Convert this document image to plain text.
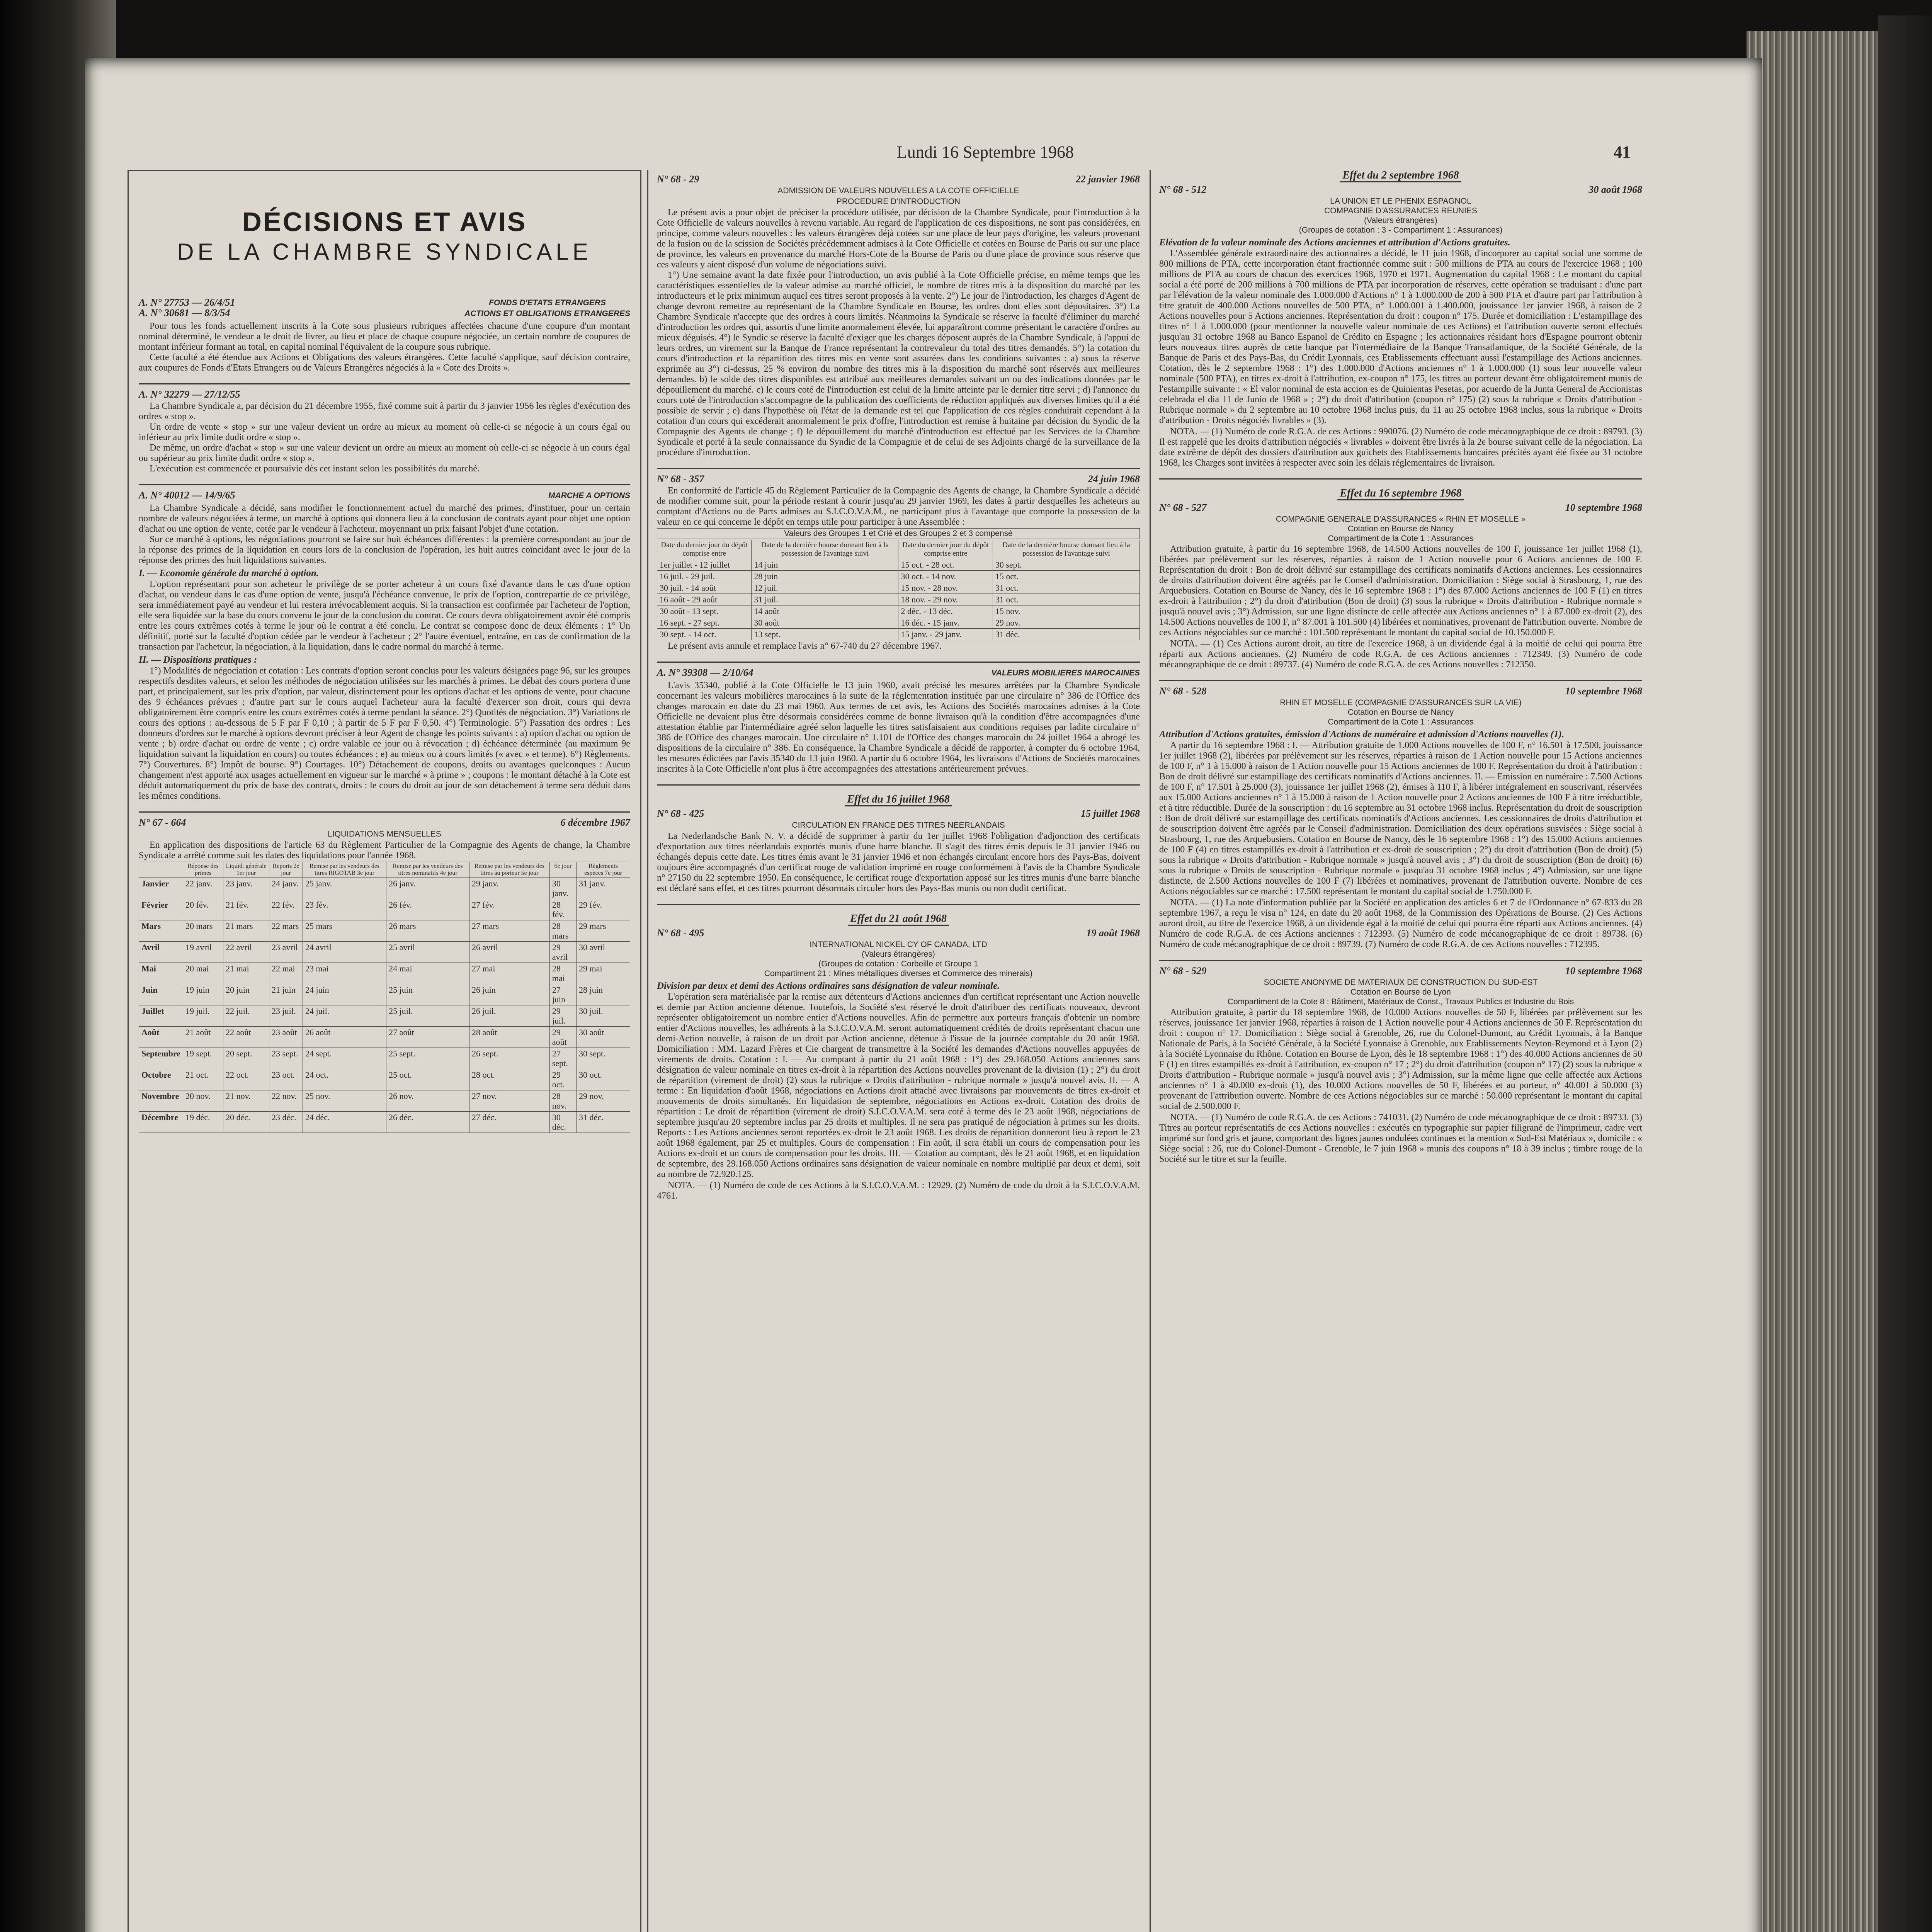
Lundi 16 Septembre 1968	41
DÉCISIONS ET AVIS
DE LA CHAMBRE SYNDICALE
A. N° 27753 — 26/4/51
A. N° 30681 — 8/3/54
FONDS D'ETATS ETRANGERS
ACTIONS ET OBLIGATIONS ETRANGERES

Pour tous les fonds actuellement inscrits à la Cote sous plusieurs rubriques affectées chacune d'une coupure d'un montant nominal déterminé, le vendeur a le droit de livrer, au lieu et place de chaque coupure négociée, un certain nombre de coupures de montant inférieur formant au total, en capital nominal l'équivalent de la coupure sous rubrique.

Cette faculté a été étendue aux Actions et Obligations des valeurs étrangères. Cette faculté s'applique, sauf décision contraire, aux coupures de Fonds d'Etats Etrangers ou de Valeurs Etrangères négociés à la « Cote des Droits ».

A. N° 32279 — 27/12/55

La Chambre Syndicale a, par décision du 21 décembre 1955, fixé comme suit à partir du 3 janvier 1956 les règles d'exécution des ordres « stop ».

Un ordre de vente « stop » sur une valeur devient un ordre au mieux au moment où celle-ci se négocie à un cours égal ou inférieur au prix limite dudit ordre « stop ».

De même, un ordre d'achat « stop » sur une valeur devient un ordre au mieux au moment où celle-ci se négocie à un cours égal ou supérieur au prix limite dudit ordre « stop ».

L'exécution est commencée et poursuivie dès cet instant selon les possibilités du marché.

A. N° 40012 — 14/9/65	MARCHE A OPTIONS

La Chambre Syndicale a décidé, sans modifier le fonctionnement actuel du marché des primes, d'instituer, pour un certain nombre de valeurs négociées à terme, un marché à options qui donnera lieu à la conclusion de contrats ayant pour objet une option d'achat ou une option de vente, cotée par le vendeur à l'acheteur, moyennant un prix faisant l'objet d'une cotation.

Sur ce marché à options, les négociations pourront se faire sur huit échéances différentes : la première correspondant au jour de la réponse des primes de la liquidation en cours lors de la conclusion de l'opération, les huit autres coïncidant avec le jour de la réponse des primes des huit liquidations suivantes.

I. — Economie générale du marché à option.

L'option représentant pour son acheteur le privilège de se porter acheteur à un cours fixé d'avance dans le cas d'une option d'achat, ou vendeur dans le cas d'une option de vente, jusqu'à l'échéance convenue, le prix de l'option, contrepartie de ce privilège, sera immédiatement payé au vendeur et lui restera irrévocablement acquis. Si la transaction est confirmée par l'acheteur de l'option, elle sera liquidée sur la base du cours convenu le jour de la conclusion du contrat. Ce cours devra obligatoirement avoir été compris entre les cours extrêmes cotés à terme le jour où le contrat a été conclu. Le contrat se compose donc de deux éléments : 1° Un définitif, porté sur la faculté d'option cédée par le vendeur à l'acheteur ; 2° l'autre éventuel, entraîne, en cas de confirmation de la transaction par l'acheteur, la négociation, à la liquidation, dans le cadre normal du marché à terme.

II. — Dispositions pratiques :

1°) Modalités de négociation et cotation : Les contrats d'option seront conclus pour les valeurs désignées page 96, sur les groupes respectifs desdites valeurs, et selon les méthodes de négociation utilisées sur les marchés à primes. Le débat des cours portera d'une part, et principalement, sur les prix d'option, par valeur, distinctement pour les options d'achat et les options de vente, pour chacune des 9 échéances prévues ; d'autre part sur le cours auquel l'acheteur aura la faculté d'exercer son droit, cours qui devra obligatoirement être compris entre les cours extrêmes cotés à terme pendant la séance. 2°) Quotités de négociation. 3°) Variations de cours des options : au-dessous de 5 F par F 0,10 ; à partir de 5 F par F 0,50. 4°) Terminologie. 5°) Passation des ordres : Les donneurs d'ordres sur le marché à options devront préciser à leur Agent de change les points suivants : a) option d'achat ou option de vente ; b) ordre d'achat ou ordre de vente ; c) ordre valable ce jour ou à révocation ; d) échéance déterminée (au maximum 9e liquidation suivant la liquidation en cours) ou toutes échéances ; e) au mieux ou à cours limités (« avec » et terme). 6°) Règlements. 7°) Couvertures. 8°) Impôt de bourse. 9°) Courtages. 10°) Détachement de coupons, droits ou avantages quelconques : Aucun changement n'est apporté aux usages actuellement en vigueur sur le marché « à prime » ; coupons : le montant détaché à la Cote est déduit automatiquement du prix de base des contrats, droits : le cours du droit au jour de son détachement à terme sera déduit dans les mêmes conditions.

N° 67 - 664	6 décembre 1967
LIQUIDATIONS MENSUELLES

En application des dispositions de l'article 63 du Règlement Particulier de la Compagnie des Agents de change, la Chambre Syndicale a arrêté comme suit les dates des liquidations pour l'année 1968.

	Réponse des primes	Liquid. générale 1er jour	Reports 2e jour	Remise par les vendeurs des titres RIGOTAB 3e jour	Remise par les vendeurs des titres nominatifs 4e jour	Remise par les vendeurs des titres au porteur 5e jour	6e jour	Règlements espèces 7e jour
Janvier	22 janv.	23 janv.	24 janv.	25 janv.	26 janv.	29 janv.	30 janv.	31 janv.
Février	20 fév.	21 fév.	22 fév.	23 fév.	26 fév.	27 fév.	28 fév.	29 fév.
Mars	20 mars	21 mars	22 mars	25 mars	26 mars	27 mars	28 mars	29 mars
Avril	19 avril	22 avril	23 avril	24 avril	25 avril	26 avril	29 avril	30 avril
Mai	20 mai	21 mai	22 mai	23 mai	24 mai	27 mai	28 mai	29 mai
Juin	19 juin	20 juin	21 juin	24 juin	25 juin	26 juin	27 juin	28 juin
Juillet	19 juil.	22 juil.	23 juil.	24 juil.	25 juil.	26 juil.	29 juil.	30 juil.
Août	21 août	22 août	23 août	26 août	27 août	28 août	29 août	30 août
Septembre	19 sept.	20 sept.	23 sept.	24 sept.	25 sept.	26 sept.	27 sept.	30 sept.
Octobre	21 oct.	22 oct.	23 oct.	24 oct.	25 oct.	28 oct.	29 oct.	30 oct.
Novembre	20 nov.	21 nov.	22 nov.	25 nov.	26 nov.	27 nov.	28 nov.	29 nov.
Décembre	19 déc.	20 déc.	23 déc.	24 déc.	26 déc.	27 déc.	30 déc.	31 déc.
N° 68 - 29	22 janvier 1968
ADMISSION DE VALEURS NOUVELLES A LA COTE OFFICIELLE
PROCEDURE D'INTRODUCTION

Le présent avis a pour objet de préciser la procédure utilisée, par décision de la Chambre Syndicale, pour l'introduction à la Cote Officielle de valeurs nouvelles à revenu variable. Au regard de l'application de ces dispositions, ne sont pas considérées, en principe, comme valeurs nouvelles : les valeurs étrangères déjà cotées sur une place de leur pays d'origine, les valeurs provenant de la fusion ou de la scission de Sociétés précédemment admises à la Cote Officielle et cotées en Bourse de Paris ou sur une place de province, les valeurs en provenance du marché Hors-Cote de la Bourse de Paris ou d'une place de province sous réserve que ces valeurs y aient disposé d'un volume de négociations suivi.

1°) Une semaine avant la date fixée pour l'introduction, un avis publié à la Cote Officielle précise, en même temps que les caractéristiques essentielles de la valeur admise au marché officiel, le nombre de titres mis à la disposition du marché par les introducteurs et le prix minimum auquel ces titres seront proposés à la vente. 2°) Le jour de l'introduction, les charges d'Agent de change devront remettre au représentant de la Chambre Syndicale en Bourse, les ordres dont elles sont dépositaires. 3°) La Chambre Syndicale n'accepte que des ordres à cours limités. Néanmoins la Syndicale se réserve la faculté d'éliminer du marché d'introduction les ordres qui, assortis d'une limite anormalement élevée, lui apparaîtront comme présentant le caractère d'ordres au mieux déguisés. 4°) le Syndic se réserve la faculté d'exiger que les charges déposent auprès de la Chambre Syndicale, à l'appui de leurs ordres, un virement sur la Banque de France représentant la contrevaleur du total des titres demandés. 5°) la cotation du cours d'introduction et la répartition des titres mis en vente sont assurées dans les conditions suivantes : a) sous la réserve exprimée au 3°) ci-dessus, 25 % environ du nombre des titres mis à la disposition du marché sont réservés aux meilleures demandes. b) le solde des titres disponibles est attribué aux meilleures demandes suivant un ou des indications données par le dépouillement du marché. c) le cours coté de l'introduction est celui de la limite atteinte par le dernier titre servi ; d) l'annonce du cours coté de l'introduction s'accompagne de la publication des coefficients de réduction appliqués aux diverses limites qu'il a été possible de servir ; e) dans l'hypothèse où l'état de la demande est tel que l'application de ces règles conduirait cependant à la cotation d'un cours qui excéderait anormalement le prix d'offre, l'introduction est remise à huitaine par décision du Syndic de la Compagnie des Agents de change ; f) le dépouillement du marché d'introduction est effectué par les Services de la Chambre Syndicale et porté à la seule connaissance du Syndic de la Compagnie et de celui de ses Adjoints chargé de la surveillance de la procédure d'introduction.

N° 68 - 357	24 juin 1968

En conformité de l'article 45 du Règlement Particulier de la Compagnie des Agents de change, la Chambre Syndicale a décidé de modifier comme suit, pour la période restant à courir jusqu'au 29 janvier 1969, les dates à partir desquelles les acheteurs au comptant d'Actions ou de Parts admises au S.I.C.O.V.A.M., ne participant plus à l'avantage que comporte la possession de la valeur en ce qui concerne le dépôt en temps utile pour participer à une Assemblée :

Valeurs des Groupes 1 et Crié et des Groupes 2 et 3 compensé
Date du dernier jour du dépôt comprise entre	Date de la dernière bourse donnant lieu à la possession de l'avantage suivi	Date du dernier jour du dépôt comprise entre	Date de la dernière bourse donnant lieu à la possession de l'avantage suivi
1er juillet - 12 juillet	14 juin	15 oct. - 28 oct.	30 sept.
16 juil. - 29 juil.	28 juin	30 oct. - 14 nov.	15 oct.
30 juil. - 14 août	12 juil.	15 nov. - 28 nov.	31 oct.
16 août - 29 août	31 juil.	18 nov. - 29 nov.	31 oct.
30 août - 13 sept.	14 août	2 déc. - 13 déc.	15 nov.
16 sept. - 27 sept.	30 août	16 déc. - 15 janv.	29 nov.
30 sept. - 14 oct.	13 sept.	15 janv. - 29 janv.	31 déc.

Le présent avis annule et remplace l'avis n° 67-740 du 27 décembre 1967.

A. N° 39308 — 2/10/64	VALEURS MOBILIERES MAROCAINES

L'avis 35340, publié à la Cote Officielle le 13 juin 1960, avait précisé les mesures arrêtées par la Chambre Syndicale concernant les valeurs mobilières marocaines à la suite de la réglementation instituée par une circulaire n° 386 de l'Office des changes marocain en date du 23 mai 1960. Aux termes de cet avis, les Actions des Sociétés marocaines admises à la Cote Officielle ne devaient plus être désormais considérées comme de bonne livraison qu'à la condition d'être accompagnées d'une attestation établie par l'intermédiaire agréé selon laquelle les titres satisfaisaient aux conditions requises par ladite circulaire n° 386 de l'Office des changes marocain. Une circulaire n° 1.101 de l'Office des changes marocain du 24 juillet 1964 a abrogé les dispositions de la circulaire n° 386. En conséquence, la Chambre Syndicale a décidé de rapporter, à compter du 6 octobre 1964, les mesures édictées par l'avis 35340 du 13 juin 1960. A partir du 6 octobre 1964, les livraisons d'Actions de Sociétés marocaines inscrites à la Cote Officielle n'ont plus à être accompagnées des attestations antérieurement prévues.

Effet du 16 juillet 1968
N° 68 - 425	15 juillet 1968
CIRCULATION EN FRANCE DES TITRES NEERLANDAIS

La Nederlandsche Bank N. V. a décidé de supprimer à partir du 1er juillet 1968 l'obligation d'adjonction des certificats d'exportation aux titres néerlandais exportés munis d'une barre blanche. Il s'agit des titres émis depuis le 31 janvier 1946 ou échangés depuis cette date. Les titres émis avant le 31 janvier 1946 et non échangés circulant encore hors des Pays-Bas, doivent toujours être accompagnés d'un certificat rouge de validation imprimé en rouge conformément à l'avis de la Chambre Syndicale n° 27150 du 22 septembre 1950. En conséquence, le certificat rouge d'exportation apposé sur les titres munis d'une barre blanche est déclaré sans effet, et ces titres pourront désormais circuler hors des Pays-Bas munis ou non dudit certificat.

Effet du 21 août 1968
N° 68 - 495	19 août 1968
INTERNATIONAL NICKEL CY OF CANADA, LTD
(Valeurs étrangères)
(Groupes de cotation : Corbeille et Groupe 1
Compartiment 21 : Mines métalliques diverses et Commerce des minerais)
Division par deux et demi des Actions ordinaires sans désignation de valeur nominale.

L'opération sera matérialisée par la remise aux détenteurs d'Actions anciennes d'un certificat représentant une Action nouvelle et demie par Action ancienne détenue. Toutefois, la Société s'est réservé le droit d'attribuer des certificats nouveaux, devront représenter obligatoirement un nombre entier d'Actions nouvelles. Afin de permettre aux porteurs français d'obtenir un nombre entier d'Actions nouvelles, les adhérents à la S.I.C.O.V.A.M. seront automatiquement crédités de droits représentant chacun une demi-Action nouvelle, à raison de un droit par Action ancienne, détenue à l'issue de la journée comptable du 20 août 1968. Domiciliation : MM. Lazard Frères et Cie chargent de transmettre à la Société les demandes d'Actions nouvelles appuyées de virements de droits. Cotation : I. — Au comptant à partir du 21 août 1968 : 1°) des 29.168.050 Actions anciennes sans désignation de valeur nominale en titres ex-droit à la répartition des Actions nouvelles provenant de la division (1) ; 2°) du droit de répartition (virement de droit) (2) sous la rubrique « Droits d'attribution - rubrique normale » jusqu'à nouvel avis. II. — A terme : En liquidation d'août 1968, négociations en Actions droit attaché avec livraisons par mouvements de titres ex-droit et mouvements de droits simultanés. En liquidation de septembre, négociations en Actions ex-droit. Cotation des droits de répartition : Le droit de répartition (virement de droit) S.I.C.O.V.A.M. sera coté à terme dès le 23 août 1968, négociations de septembre jusqu'au 20 septembre inclus par 25 droits et multiples. Il ne sera pas pratiqué de négociation à primes sur les droits. Reports : Les Actions anciennes seront reportées ex-droit le 23 août 1968. Les droits de répartition donneront lieu à report le 23 août 1968 également, par 25 et multiples. Cours de compensation : Fin août, il sera établi un cours de compensation pour les Actions ex-droit et un cours de compensation pour les droits. III. — Cotation au comptant, dès le 21 août 1968, et en liquidation de septembre, des 29.168.050 Actions ordinaires sans désignation de valeur nominale en nombre multiplié par deux et demi, soit au nombre de 72.920.125.

NOTA. — (1) Numéro de code de ces Actions à la S.I.C.O.V.A.M. : 12929. (2) Numéro de code du droit à la S.I.C.O.V.A.M. 4761.

Effet du 2 septembre 1968
N° 68 - 512	30 août 1968
LA UNION ET LE PHENIX ESPAGNOL
COMPAGNIE D'ASSURANCES REUNIES
(Valeurs étrangères)
(Groupes de cotation : 3 - Compartiment 1 : Assurances)
Elévation de la valeur nominale des Actions anciennes et attribution d'Actions gratuites.

L'Assemblée générale extraordinaire des actionnaires a décidé, le 11 juin 1968, d'incorporer au capital social une somme de 800 millions de PTA, cette incorporation étant fractionnée comme suit : 500 millions de PTA au cours de l'exercice 1968 ; 100 millions de PTA au cours de chacun des exercices 1968, 1970 et 1971. Augmentation du capital 1968 : Le montant du capital social a été porté de 200 millions à 700 millions de PTA par incorporation de réserves, cette opération se traduisant : d'une part par l'élévation de la valeur nominale des 1.000.000 d'Actions n° 1 à 1.000.000 de 200 à 500 PTA et d'autre part par l'attribution à titre gratuit de 400.000 Actions nouvelles de 500 PTA, n° 1.000.001 à 1.400.000, jouissance 1er janvier 1968, à raison de 2 Actions nouvelles pour 5 Actions anciennes. Représentation du droit : coupon n° 175. Durée et domiciliation : L'estampillage des titres n° 1 à 1.000.000 (pour mentionner la nouvelle valeur nominale de ces Actions) et l'attribution ouverte seront effectués jusqu'au 31 octobre 1968 au Banco Espanol de Crédito en Espagne ; les actionnaires résidant hors d'Espagne pourront obtenir leurs nouveaux titres auprès de cette banque par l'intermédiaire de la Banque Transatlantique, de la Société Générale, de la Banque de Paris et des Pays-Bas, du Crédit Lyonnais, ces Etablissements effectuant aussi l'estampillage des Actions anciennes. Cotation, dès le 2 septembre 1968 : 1°) des 1.000.000 d'Actions anciennes n° 1 à 1.000.000 (1) sous leur nouvelle valeur nominale (500 PTA), en titres ex-droit à l'attribution, ex-coupon n° 175, les titres au porteur devant être obligatoirement munis de l'estampille suivante : « El valor nominal de esta accion es de Quinientas Pesetas, por acuerdo de la Junta General de Accionistas celebrada el dia 11 de Junio de 1968 » ; 2°) du droit d'attribution (coupon n° 175) (2) sous la rubrique « Droits d'attribution - Rubrique normale » du 2 septembre au 10 octobre 1968 inclus puis, du 11 au 25 octobre 1968 inclus, sous la rubrique « Droits d'attribution - Droits négociés livrables » (3).

NOTA. — (1) Numéro de code R.G.A. de ces Actions : 990076. (2) Numéro de code mécanographique de ce droit : 89793. (3) Il est rappelé que les droits d'attribution négociés « livrables » doivent être livrés à la 2e bourse suivant celle de la négociation. La date extrême de dépôt des dossiers d'attribution aux guichets des Etablissements bancaires précités ayant été fixée au 31 octobre 1968, les Charges sont invitées à respecter avec soin les délais réglementaires de livraison.

Effet du 16 septembre 1968
N° 68 - 527	10 septembre 1968
COMPAGNIE GENERALE D'ASSURANCES « RHIN ET MOSELLE »
Cotation en Bourse de Nancy
Compartiment de la Cote 1 : Assurances

Attribution gratuite, à partir du 16 septembre 1968, de 14.500 Actions nouvelles de 100 F, jouissance 1er juillet 1968 (1), libérées par prélèvement sur les réserves, réparties à raison de 1 Action nouvelle pour 6 Actions anciennes de 100 F. Représentation du droit : Bon de droit délivré sur estampillage des certificats nominatifs d'Actions anciennes. Les cessionnaires de droits d'attribution doivent être agréés par le Conseil d'administration. Domiciliation : Siège social à Strasbourg, 1, rue des Arquebusiers. Cotation en Bourse de Nancy, dès le 16 septembre 1968 : 1°) des 87.000 Actions anciennes de 100 F (1) en titres ex-droit à l'attribution ; 2°) du droit d'attribution (Bon de droit) (3) sous la rubrique « Droits d'attribution - Rubrique normale » jusqu'à nouvel avis ; 3°) Admission, sur une ligne distincte de celle affectée aux Actions anciennes n° 1 à 87.000 ex-droit (2), des 14.500 Actions nouvelles de 100 F, n° 87.001 à 101.500 (4) libérées et nominatives, provenant de l'attribution ouverte. Nombre de ces Actions négociables sur ce marché : 101.500 représentant le montant du capital social de 10.150.000 F.

NOTA. — (1) Ces Actions auront droit, au titre de l'exercice 1968, à un dividende égal à la moitié de celui qui pourra être réparti aux Actions anciennes. (2) Numéro de code R.G.A. de ces Actions anciennes : 712349. (3) Numéro de code mécanographique de ce droit : 89737. (4) Numéro de code R.G.A. de ces Actions nouvelles : 712350.

N° 68 - 528	10 septembre 1968
RHIN ET MOSELLE (COMPAGNIE D'ASSURANCES SUR LA VIE)
Cotation en Bourse de Nancy
Compartiment de la Cote 1 : Assurances
Attribution d'Actions gratuites, émission d'Actions de numéraire et admission d'Actions nouvelles (1).

A partir du 16 septembre 1968 : I. — Attribution gratuite de 1.000 Actions nouvelles de 100 F, n° 16.501 à 17.500, jouissance 1er juillet 1968 (2), libérées par prélèvement sur les réserves, réparties à raison de 1 Action nouvelle pour 15 Actions anciennes de 100 F, n° 1 à 15.000 à raison de 1 Action nouvelle pour 15 Actions anciennes de 100 F. Représentation du droit à l'attribution : Bon de droit délivré sur estampillage des certificats nominatifs d'Actions anciennes. II. — Emission en numéraire : 7.500 Actions de 100 F, n° 17.501 à 25.000 (3), jouissance 1er juillet 1968 (2), émises à 110 F, à libérer intégralement en souscrivant, réservées aux 15.000 Actions anciennes n° 1 à 15.000 à raison de 1 Action nouvelle pour 2 Actions anciennes de 100 F à titre irréductible, et à titre réductible. Durée de la souscription : du 16 septembre au 31 octobre 1968 inclus. Représentation du droit de souscription : Bon de droit délivré sur estampillage des certificats nominatifs d'Actions anciennes. Les cessionnaires de droits d'attribution et de souscription doivent être agréés par le Conseil d'administration. Domiciliation des deux opérations susvisées : Siège social à Strasbourg, 1, rue des Arquebusiers. Cotation en Bourse de Nancy, dès le 16 septembre 1968 : 1°) des 15.000 Actions anciennes de 100 F (4) en titres estampillés ex-droit à l'attribution et ex-droit de souscription ; 2°) du droit d'attribution (Bon de droit) (5) sous la rubrique « Droits d'attribution - Rubrique normale » jusqu'à nouvel avis ; 3°) du droit de souscription (Bon de droit) (6) sous la rubrique « Droits de souscription - Rubrique normale » jusqu'au 31 octobre 1968 inclus ; 4°) Admission, sur une ligne distincte, de 2.500 Actions nouvelles de 100 F (7) libérées et nominatives, provenant de l'attribution ouverte. Nombre de ces Actions négociables sur ce marché : 17.500 représentant le montant du capital social de 1.750.000 F.

NOTA. — (1) La note d'information publiée par la Société en application des articles 6 et 7 de l'Ordonnance n° 67-833 du 28 septembre 1967, a reçu le visa n° 124, en date du 20 août 1968, de la Commission des Opérations de Bourse. (2) Ces Actions auront droit, au titre de l'exercice 1968, à un dividende égal à la moitié de celui qui pourra être réparti aux Actions anciennes. (4) Numéro de code R.G.A. de ces Actions anciennes : 712393. (5) Numéro de code mécanographique de ce droit : 89738. (6) Numéro de code mécanographique de ce droit : 89739. (7) Numéro de code R.G.A. de ces Actions nouvelles : 712395.

N° 68 - 529	10 septembre 1968
SOCIETE ANONYME DE MATERIAUX DE CONSTRUCTION DU SUD-EST
Cotation en Bourse de Lyon
Compartiment de la Cote 8 : Bâtiment, Matériaux de Const., Travaux Publics et Industrie du Bois

Attribution gratuite, à partir du 18 septembre 1968, de 10.000 Actions nouvelles de 50 F, libérées par prélèvement sur les réserves, jouissance 1er janvier 1968, réparties à raison de 1 Action nouvelle pour 4 Actions anciennes de 50 F. Représentation du droit : coupon n° 17. Domiciliation : Siège social à Grenoble, 26, rue du Colonel-Dumont, au Crédit Lyonnais, à la Banque Nationale de Paris, à la Société Générale, à la Société Lyonnaise à Grenoble, aux Etablissements Neyton-Reymond et à Lyon (2) à la Société Lyonnaise du Rhône. Cotation en Bourse de Lyon, dès le 18 septembre 1968 : 1°) des 40.000 Actions anciennes de 50 F (1) en titres estampillés ex-droit à l'attribution, ex-coupon n° 17 ; 2°) du droit d'attribution (coupon n° 17) (2) sous la rubrique « Droits d'attribution - Rubrique normale » jusqu'à nouvel avis ; 3°) Admission, sur la même ligne que celle affectée aux Actions anciennes n° 1 à 40.000 ex-droit (1), des 10.000 Actions nouvelles de 50 F, libérées et au porteur, n° 40.001 à 50.000 (3) provenant de l'attribution ouverte. Nombre de ces Actions négociables sur ce marché : 50.000 représentant le montant du capital social de 2.500.000 F.

NOTA. — (1) Numéro de code R.G.A. de ces Actions : 741031. (2) Numéro de code mécanographique de ce droit : 89733. (3) Titres au porteur représentatifs de ces Actions nouvelles : exécutés en typographie sur papier filigrané de l'imprimeur, cadre vert imprimé sur fond gris et jaune, comportant des lignes jaunes ondulées continues et la mention « Sud-Est Matériaux », domicile : « Siège social : 26, rue du Colonel-Dumont - Grenoble, le 7 juin 1968 » munis des coupons n° 18 à 39 inclus ; timbre rouge de la Société sur le titre et sur la feuille.
